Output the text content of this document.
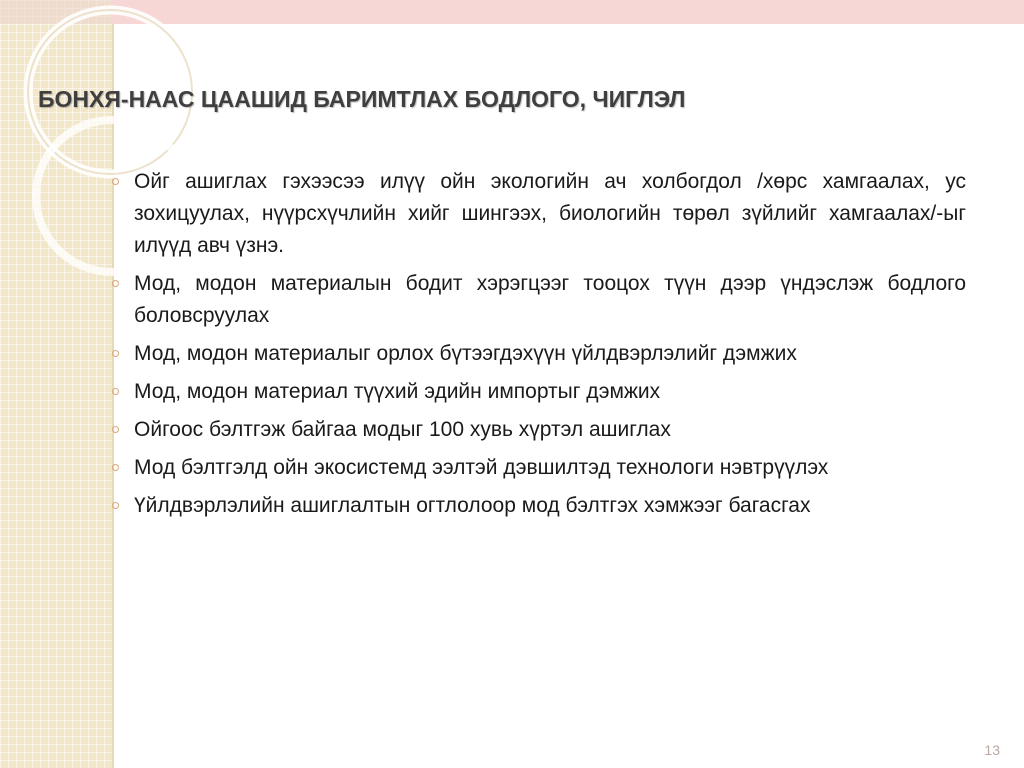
БОНХЯ-НААС ЦААШИД БАРИМТЛАХ БОДЛОГО, ЧИГЛЭЛ
Ойг ашиглах гэхээсээ илүү ойн экологийн ач холбогдол /хөрс хамгаалах, ус зохицуулах, нүүрсхүчлийн хийг шингээх, биологийн төрөл зүйлийг хамгаалах/-ыг илүүд авч үзнэ.
Мод, модон материалын бодит хэрэгцээг тооцох түүн дээр үндэслэж бодлого боловсруулах
Мод, модон материалыг орлох бүтээгдэхүүн үйлдвэрлэлийг дэмжих
Мод, модон материал түүхий эдийн импортыг дэмжих
Ойгоос бэлтгэж байгаа модыг 100 хувь хүртэл ашиглах
Мод бэлтгэлд ойн экосистемд ээлтэй дэвшилтэд технологи нэвтрүүлэх
Үйлдвэрлэлийн ашиглалтын огтлолоор мод бэлтгэх хэмжээг багасгах
13
